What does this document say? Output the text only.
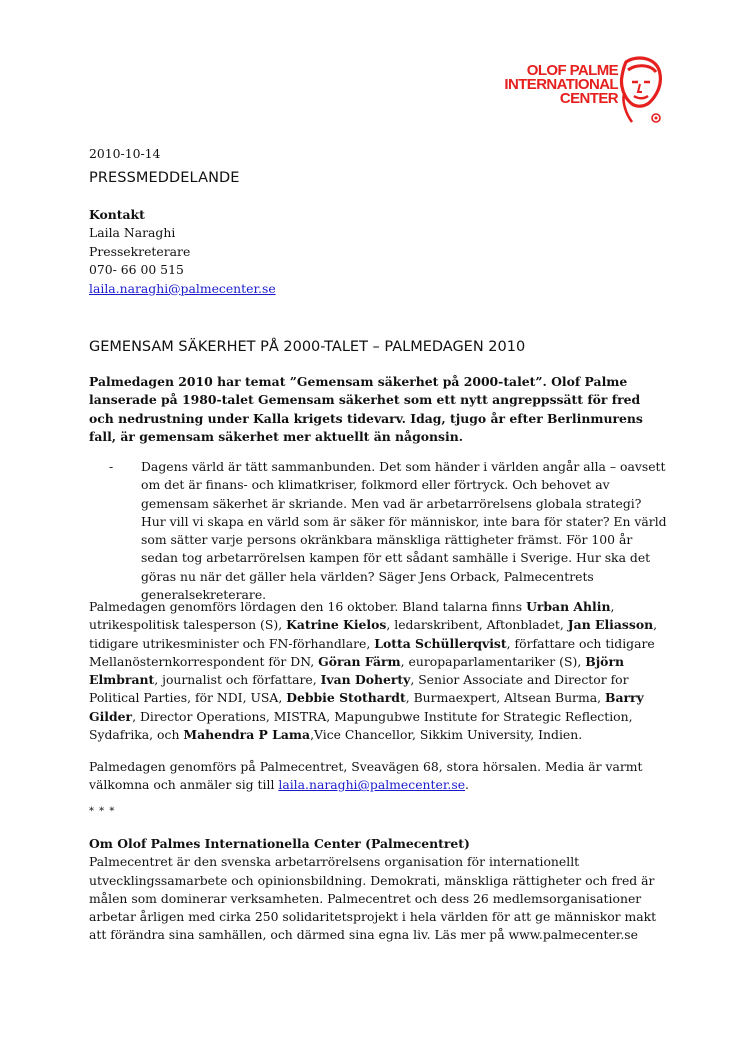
OLOF PALME
INTERNATIONAL
CENTER
2010-10-14
PRESSMEDDELANDE
Kontakt
Laila Naraghi
Pressekreterare
070- 66 00 515
laila.naraghi@palmecenter.se
GEMENSAM SÄKERHET PÅ 2000-TALET – PALMEDAGEN 2010
Palmedagen 2010 har temat ”Gemensam säkerhet på 2000-talet”. Olof Palme lanserade på 1980-talet Gemensam säkerhet som ett nytt angreppssätt för fred och nedrustning under Kalla krigets tidevarv. Idag, tjugo år efter Berlinmurens fall, är gemensam säkerhet mer aktuellt än någonsin.
- Dagens värld är tätt sammanbunden. Det som händer i världen angår alla – oavsett om det är finans- och klimatkriser, folkmord eller förtryck. Och behovet av gemensam säkerhet är skriande. Men vad är arbetarrörelsens globala strategi? Hur vill vi skapa en värld som är säker för människor, inte bara för stater? En värld som sätter varje persons okränkbara mänskliga rättigheter främst. För 100 år sedan tog arbetarrörelsen kampen för ett sådant samhälle i Sverige. Hur ska det göras nu när det gäller hela världen? Säger Jens Orback, Palmecentrets generalsekreterare.
Palmedagen genomförs lördagen den 16 oktober. Bland talarna finns Urban Ahlin, utrikespolitisk talesperson (S), Katrine Kielos, ledarskribent, Aftonbladet, Jan Eliasson, tidigare utrikesminister och FN-förhandlare, Lotta Schüllerqvist, författare och tidigare Mellanösternkorrespondent för DN, Göran Färm, europaparlamentariker (S), Björn Elmbrant, journalist och författare, Ivan Doherty, Senior Associate and Director for Political Parties, för NDI, USA, Debbie Stothardt, Burmaexpert, Altsean Burma, Barry Gilder, Director Operations, MISTRA, Mapungubwe Institute for Strategic Reflection, Sydafrika, och Mahendra P Lama,Vice Chancellor, Sikkim University, Indien.
Palmedagen genomförs på Palmecentret, Sveavägen 68, stora hörsalen. Media är varmt välkomna och anmäler sig till laila.naraghi@palmecenter.se.
* * *
Om Olof Palmes Internationella Center (Palmecentret)
Palmecentret är den svenska arbetarrörelsens organisation för internationellt utvecklingssamarbete och opinionsbildning. Demokrati, mänskliga rättigheter och fred är målen som dominerar verksamheten. Palmecentret och dess 26 medlemsorganisationer arbetar årligen med cirka 250 solidaritetsprojekt i hela världen för att ge människor makt att förändra sina samhällen, och därmed sina egna liv. Läs mer på www.palmecenter.se
